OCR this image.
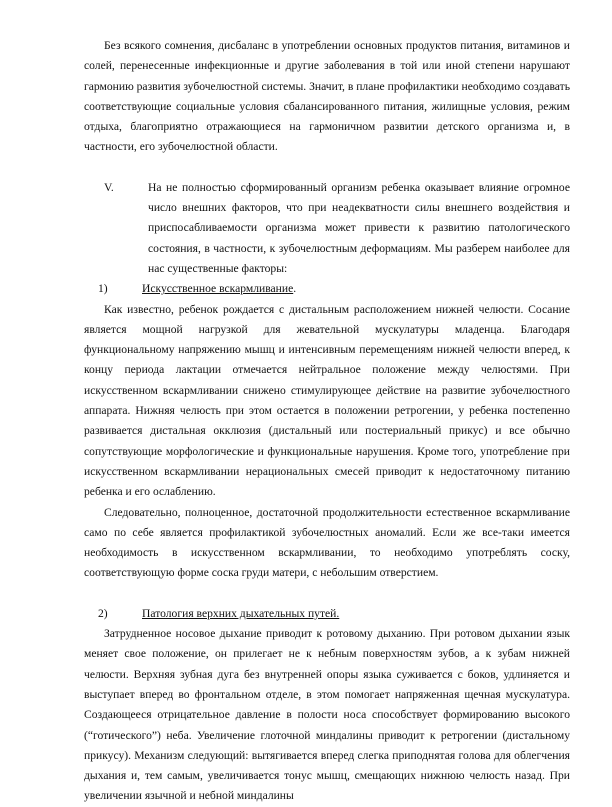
Без всякого сомнения, дисбаланс в употреблении основных продуктов питания, витаминов и солей, перенесенные инфекционные и другие заболевания в той или иной степени нарушают гармонию развития зубочелюстной системы. Значит, в плане профилактики необходимо создавать соответствующие социальные условия сбалансированного питания, жилищные условия, режим отдыха, благоприятно отражающиеся на гармоничном развитии детского организма и, в частности, его зубочелюстной области.

V.	На не полностью сформированный организм ребенка оказывает влияние огромное число внешних факторов, что при неадекватности силы внешнего воздействия и приспосабливаемости организма может привести к развитию патологического состояния, в частности, к зубочелюстным деформациям. Мы разберем наиболее для нас существенные факторы:

1)	Искусственное вскармливание.

Как известно, ребенок рождается с дистальным расположением нижней челюсти. Сосание является мощной нагрузкой для жевательной мускулатуры младенца. Благодаря функциональному напряжению мышц и интенсивным перемещениям нижней челюсти вперед, к концу периода лактации отмечается нейтральное положение между челюстями. При искусственном вскармливании снижено стимулирующее действие на развитие зубочелюстного аппарата. Нижняя челюсть при этом остается в положении ретрогении, у ребенка постепенно развивается дистальная окклюзия (дистальный или постериальный прикус) и все обычно сопутствующие морфологические и функциональные нарушения. Кроме того, употребление при искусственном вскармливании нерациональных смесей приводит к недостаточному питанию ребенка и его ослаблению.

Следовательно, полноценное, достаточной продолжительности естественное вскармливание само по себе является профилактикой зубочелюстных аномалий. Если же все-таки имеется необходимость в искусственном вскармливании, то необходимо употреблять соску, соответствующую форме соска груди матери, с небольшим отверстием.

2)	Патология верхних дыхательных путей.

Затрудненное носовое дыхание приводит к ротовому дыханию. При ротовом дыхании язык меняет свое положение, он прилегает не к небным поверхностям зубов, а к зубам нижней челюсти. Верхняя зубная дуга без внутренней опоры языка суживается с боков, удлиняется и выступает вперед во фронтальном отделе, в этом помогает напряженная щечная мускулатура. Создающееся отрицательное давление в полости носа способствует формированию высокого (“готического”) неба. Увеличение глоточной миндалины приводит к ретрогении (дистальному прикусу). Механизм следующий: вытягивается вперед слегка приподнятая голова для облегчения дыхания и, тем самым, увеличивается тонус мышц, смещающих нижнюю челюсть назад. При увеличении язычной и небной миндалины
